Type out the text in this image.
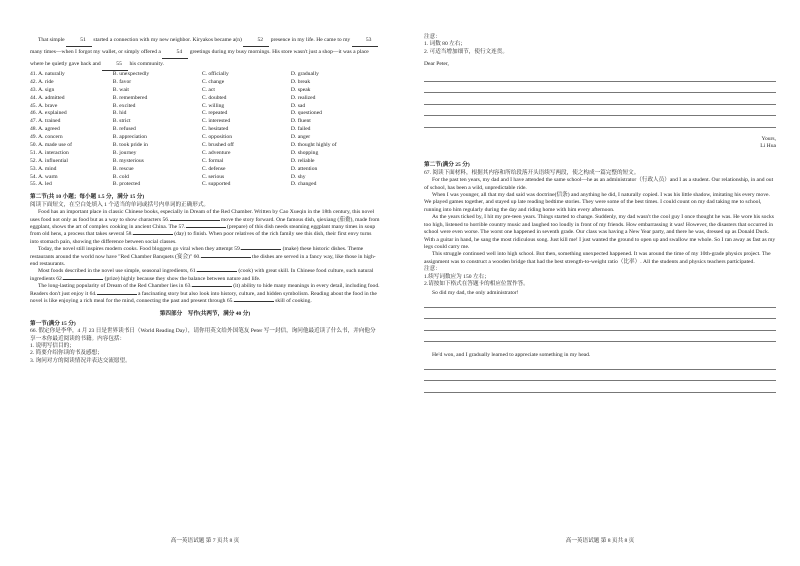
That simple	51 started a connection with my new neighbor. Kiryakos became a(n)	52 presence in my life. He came to my	53 many times—when I forgot my wallet, or simply offered a	54 greetings during my busy mornings. His store wasn't just a shop—it was a place where he quietly gave back and	55 his community.

41. A. naturally	B. unexpectedly	C. officially	D. gradually
42. A. ride	B. favor	C. change	D. break
43. A. sign	B. wait	C. act	D. speak
44. A. admitted	B. remembered	C. doubted	D. realized
45. A. brave	B. excited	C. willing	D. sad
46. A. explained	B. hid	C. repeated	D. questioned
47. A. trained	B. strict	C. interested	D. fluent
48. A. agreed	B. refused	C. hesitated	D. failed
49. A. concern	B. appreciation	C. opposition	D. anger
50. A. made use of	B. took pride in	C. brushed off	D. thought highly of
51. A. interaction	B. journey	C. adventure	D. shopping
52. A. influential	B. mysterious	C. formal	D. reliable
53. A. mind	B. rescue	C. defense	D. attention
54. A. warm	B. cold	C. serious	D. shy
55. A. led	B. protected	C. supported	D. changed

第二节(共 10 小题；每小题 1.5 分，满分 15 分)

阅读下面短文，在空白处填入 1 个适当的单词或括号内单词的正确形式。

Food has an important place in classic Chinese books, especially in Dream of the Red Chamber. Written by Cao Xueqin in the 18th century, this novel uses food not only as food but as a way to show characters 56.	move the story forward. One famous dish, qiexiang (茄鲞), made from eggplant, shows the art of complex cooking in ancient China. The 57.	(prepare) of this dish needs steaming eggplant many times in soup from old hens, a process that takes several 58.	(day) to finish. When poor relatives of the rich family see this dish, their first envy turns into stomach pain, showing the difference between social classes.

Today, the novel still inspires modern cooks. Food bloggers go viral when they attempt 59.	(make) these historic dishes. Theme restaurants around the world now have "Red Chamber Banquets (宴会)" 60.	the dishes are served in a fancy way, like those in high-end restaurants.

Most foods described in the novel use simple, seasonal ingredients, 61.	(cook) with great skill. In Chinese food culture, such natural ingredients 62.	(prize) highly because they show the balance between nature and life.

The long-lasting popularity of Dream of the Red Chamber lies in 63.	(it) ability to hide many meanings in every detail, including food. Readers don't just enjoy it 64.	a fascinating story but also look into history, culture, and hidden symbolism. Reading about the food in the novel is like enjoying a rich meal for the mind, connecting the past and present through 65.	skill of cooking.

第四部分　写作(共两节，满分 40 分)

第一节(满分 15 分)

66. 假定你是李华，4 月 23 日是世界读书日（World Reading Day），请你用英文给外国笔友 Peter 写一封信，询问他最近读了什么书，并向他分享一本你最近阅读的书籍。内容包括：

1. 说明写信目的；

2. 简要介绍你读的书及感想；

3. 询问对方的阅读情况并表达交流愿望。

高一英语试题 第 7 页共 8 页

注意：

1. 词数 80 左右；

2. 可适当增加细节，使行文连贯。

Dear Peter,

Yours,

Li Hua

第二节(满分 25 分)

67. 阅读下面材料，根据其内容和所给段落开头语续写两段，使之构成一篇完整的短文。

For the past ten years, my dad and I have attended the same school—he as an administrator（行政人员）and I as a student. Our relationship, in and out of school, has been a wild, unpredictable ride.

When I was younger, all that my dad said was doctrine(信条) and anything he did, I naturally copied. I was his little shadow, imitating his every move. We played games together, and stayed up late reading bedtime stories. They were some of the best times. I could count on my dad taking me to school, running into him regularly during the day and riding home with him every afternoon.

As the years ticked by, I hit my pre-teen years. Things started to change. Suddenly, my dad wasn't the cool guy I once thought he was. He wore his socks too high, listened to horrible country music and laughed too loudly in front of my friends. How embarrassing it was! However, the disasters that occurred in school were even worse. The worst one happened in seventh grade. Our class was having a New Year party, and there he was, dressed up as Donald Duck. With a guitar in hand, he sang the most ridiculous song. Just kill me! I just wanted the ground to open up and swallow me whole. So I ran away as fast as my legs could carry me.

This struggle continued well into high school. But then, something unexpected happened. It was around the time of my 10th-grade physics project. The assignment was to construct a wooden bridge that had the best strength-to-weight ratio（比率）. All the students and physics teachers participated.

注意：

1.续写词数应为 150 左右；

2.请按如下格式在答题卡的相应位置作答。

So did my dad, the only administrator!

He'd won, and I gradually learned to appreciate something in my head.

高一英语试题 第 8 页共 8 页
